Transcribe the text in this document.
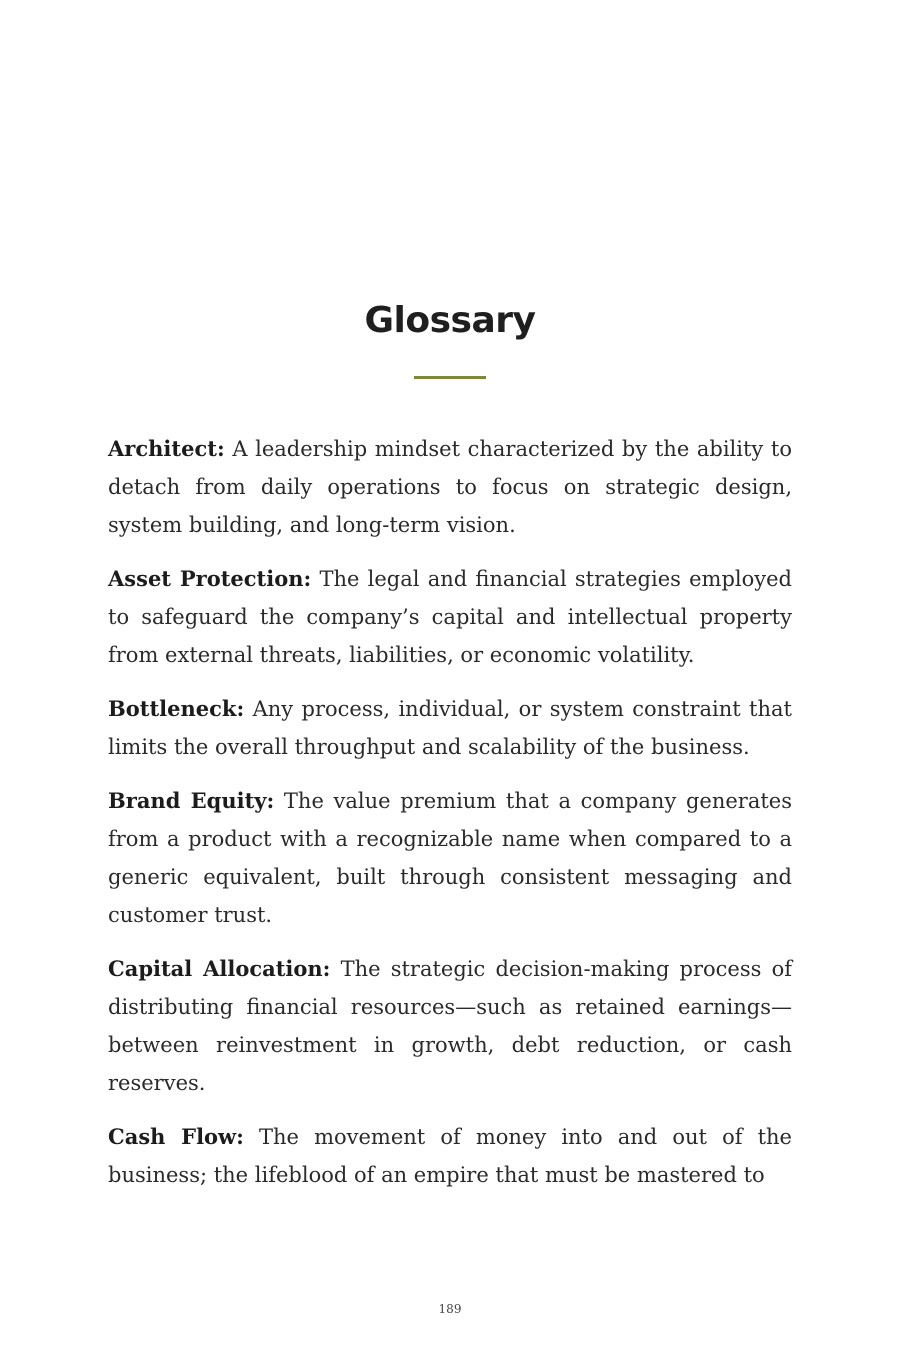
Glossary

Architect: A leadership mindset characterized by the ability to detach from daily operations to focus on strategic design, system building, and long-term vision.

Asset Protection: The legal and financial strategies employed to safeguard the company’s capital and intellectual property from external threats, liabilities, or economic volatility.

Bottleneck: Any process, individual, or system constraint that limits the overall throughput and scalability of the business.

Brand Equity: The value premium that a company generates from a product with a recognizable name when compared to a generic equivalent, built through consistent messaging and customer trust.

Capital Allocation: The strategic decision-making process of distributing financial resources—such as retained earnings—between reinvestment in growth, debt reduction, or cash reserves.

Cash Flow: The movement of money into and out of the business; the lifeblood of an empire that must be mastered to

189
